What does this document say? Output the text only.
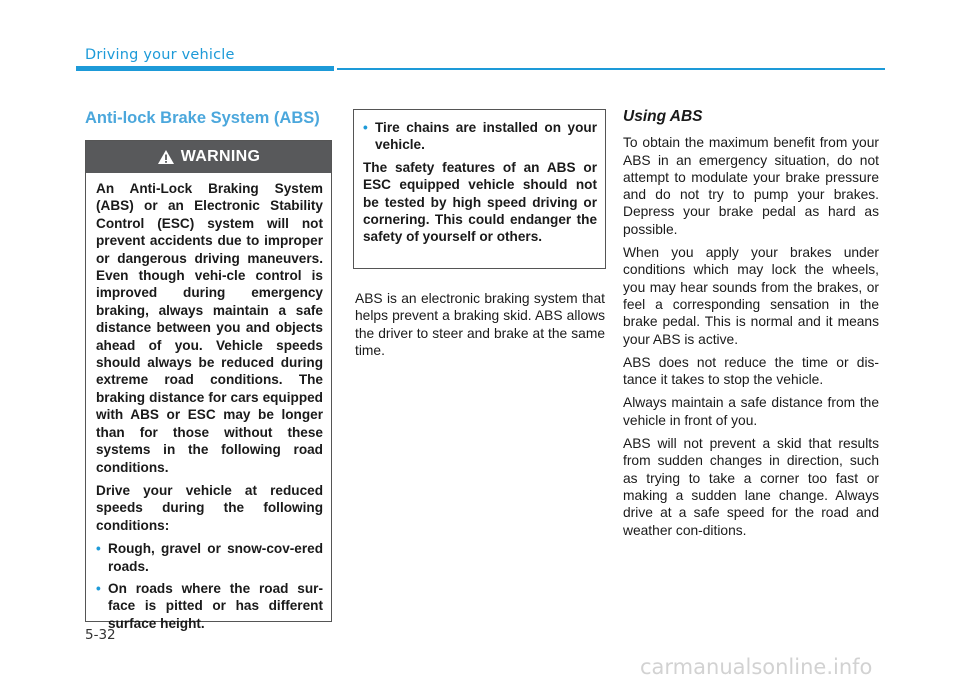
Driving your vehicle
Anti-lock Brake System (ABS)
WARNING

An Anti-Lock Braking System (ABS) or an Electronic Stability Control (ESC) system will not prevent accidents due to improper or dangerous driving maneuvers. Even though vehi-cle control is improved during emergency braking, always maintain a safe distance between you and objects ahead of you. Vehicle speeds should always be reduced during extreme road conditions. The braking distance for cars equipped with ABS or ESC may be longer than for those without these systems in the following road conditions.

Drive your vehicle at reduced speeds during the following conditions:

• Rough, gravel or snow-cov-ered roads.
• On roads where the road sur-face is pitted or has different surface height.
• Tire chains are installed on your vehicle.

The safety features of an ABS or ESC equipped vehicle should not be tested by high speed driving or cornering. This could endanger the safety of yourself or others.

ABS is an electronic braking system that helps prevent a braking skid. ABS allows the driver to steer and brake at the same time.
Using ABS

To obtain the maximum benefit from your ABS in an emergency situation, do not attempt to modulate your brake pressure and do not try to pump your brakes. Depress your brake pedal as hard as possible.

When you apply your brakes under conditions which may lock the wheels, you may hear sounds from the brakes, or feel a corresponding sensation in the brake pedal. This is normal and it means your ABS is active.

ABS does not reduce the time or dis-tance it takes to stop the vehicle.

Always maintain a safe distance from the vehicle in front of you.

ABS will not prevent a skid that results from sudden changes in direction, such as trying to take a corner too fast or making a sudden lane change. Always drive at a safe speed for the road and weather con-ditions.

5-32
carmanualsonline.info
